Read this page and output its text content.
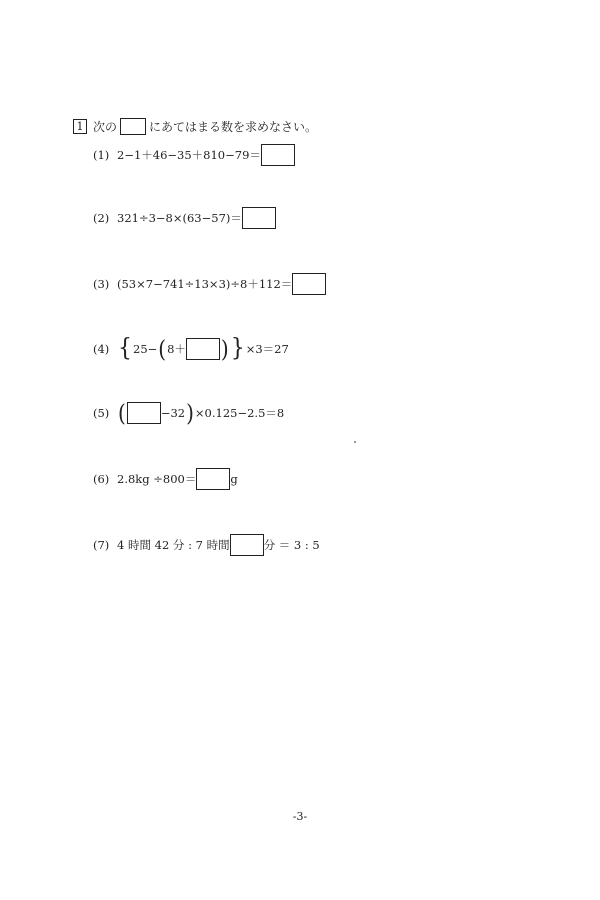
1 次の	にあてはまる数を求めなさい。
(1) 2−1＋46−35＋810−79＝
(2) 321÷3−8×(63−57)＝
(3) (53×7−741÷13×3)÷8＋112＝
(4) { 25− ( 8＋ ) } ×3＝27
(5) (	−32 ) ×0.125−2.5＝8
(6) 2.8kg ÷800＝	g
(7) 4 時間 42 分 : 7 時間	分 ＝ 3 : 5
-3-
